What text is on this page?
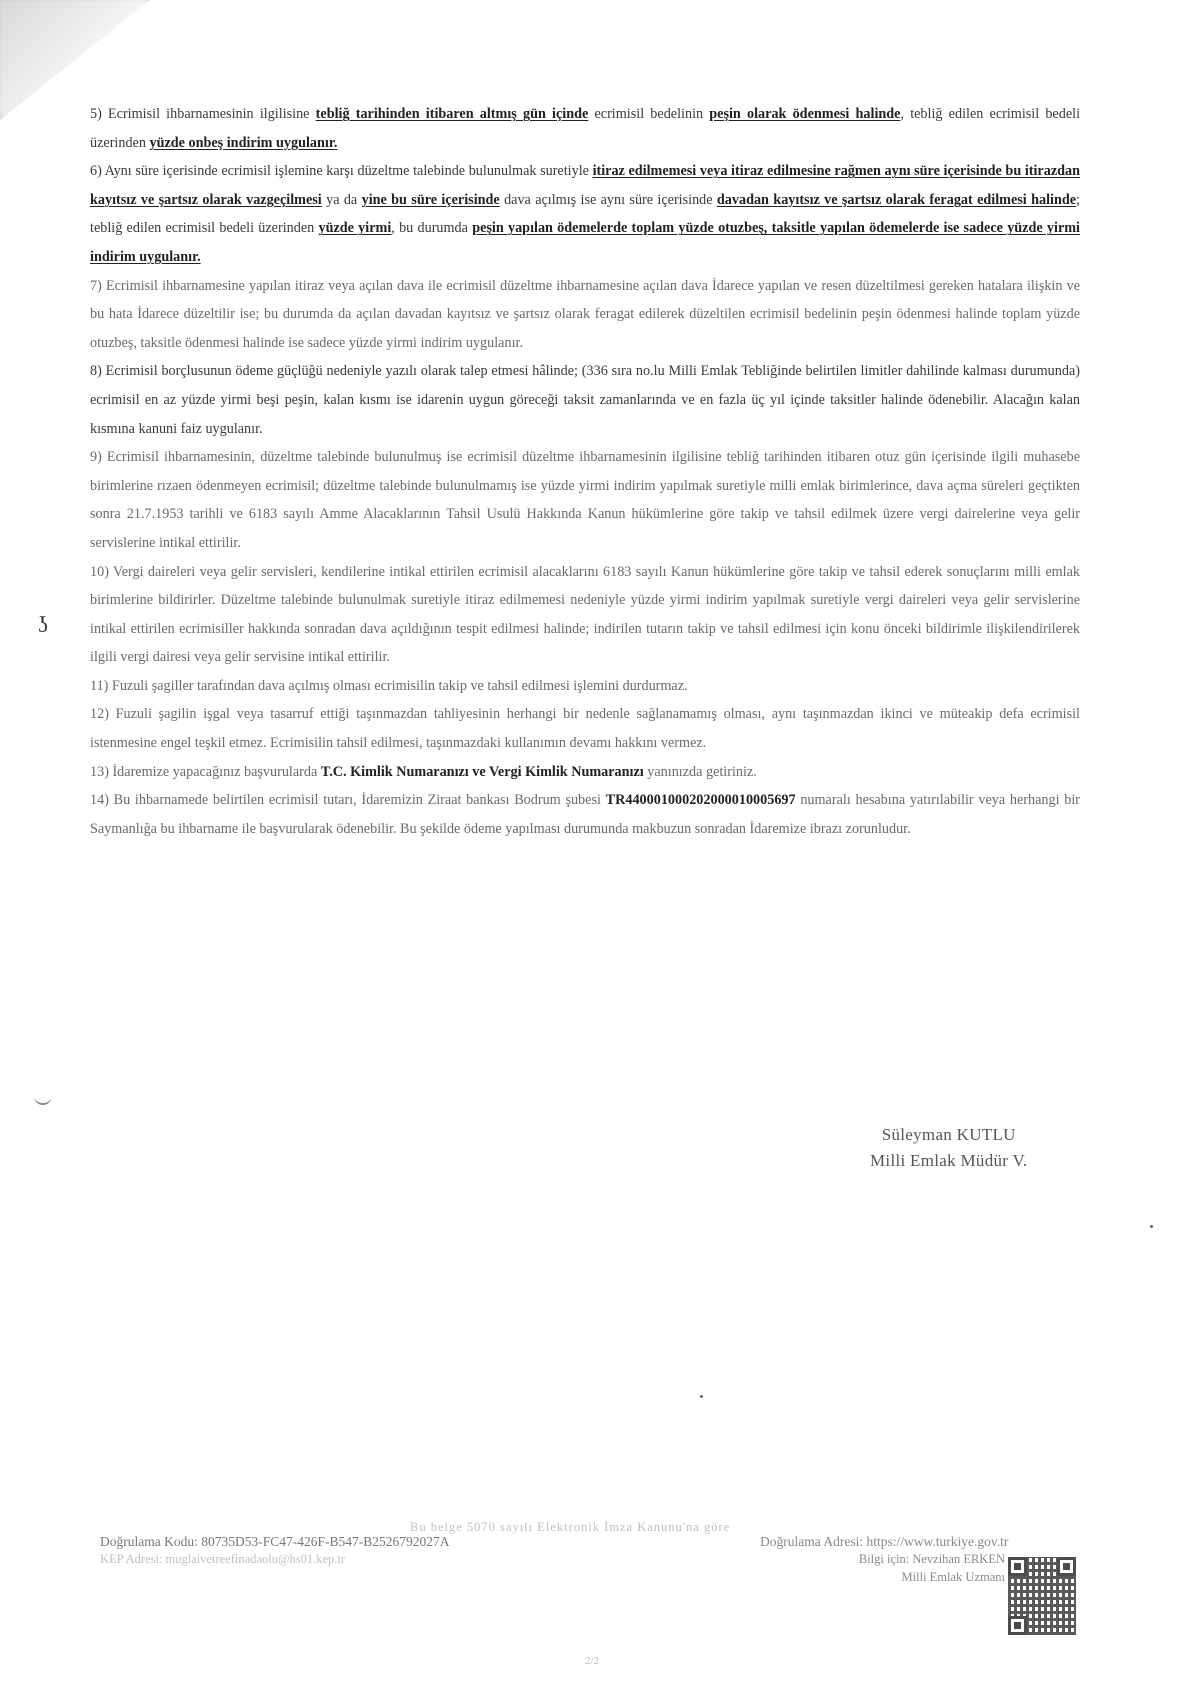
5) Ecrimisil ihbarnamesinin ilgilisine tebliğ tarihinden itibaren altmış gün içinde ecrimisil bedelinin peşin olarak ödenmesi halinde, tebliğ edilen ecrimisil bedeli üzerinden yüzde onbeş indirim uygulanır.

6) Aynı süre içerisinde ecrimisil işlemine karşı düzeltme talebinde bulunulmak suretiyle itiraz edilmemesi veya itiraz edilmesine rağmen aynı süre içerisinde bu itirazdan kayıtsız ve şartsız olarak vazgeçilmesi ya da yine bu süre içerisinde dava açılmış ise aynı süre içerisinde davadan kayıtsız ve şartsız olarak feragat edilmesi halinde; tebliğ edilen ecrimisil bedeli üzerinden yüzde yirmi, bu durumda peşin yapılan ödemelerde toplam yüzde otuzbeş, taksitle yapılan ödemelerde ise sadece yüzde yirmi indirim uygulanır.

7) Ecrimisil ihbarnamesine yapılan itiraz veya açılan dava ile ecrimisil düzeltme ihbarnamesine açılan dava İdarece yapılan ve resen düzeltilmesi gereken hatalara ilişkin ve bu hata İdarece düzeltilir ise; bu durumda da açılan davadan kayıtsız ve şartsız olarak feragat edilerek düzeltilen ecrimisil bedelinin peşin ödenmesi halinde toplam yüzde otuzbeş, taksitle ödenmesi halinde ise sadece yüzde yirmi indirim uygulanır.

8) Ecrimisil borçlusunun ödeme güçlüğü nedeniyle yazılı olarak talep etmesi hâlinde; (336 sıra no.lu Milli Emlak Tebliğinde belirtilen limitler dahilinde kalması durumunda) ecrimisil en az yüzde yirmi beşi peşin, kalan kısmı ise idarenin uygun göreceği taksit zamanlarında ve en fazla üç yıl içinde taksitler halinde ödenebilir. Alacağın kalan kısmına kanuni faiz uygulanır.

9) Ecrimisil ihbarnamesinin, düzeltme talebinde bulunulmuş ise ecrimisil düzeltme ihbarnamesinin ilgilisine tebliğ tarihinden itibaren otuz gün içerisinde ilgili muhasebe birimlerine rızaen ödenmeyen ecrimisil; düzeltme talebinde bulunulmamış ise yüzde yirmi indirim yapılmak suretiyle milli emlak birimlerince, dava açma süreleri geçtikten sonra 21.7.1953 tarihli ve 6183 sayılı Amme Alacaklarının Tahsil Usulü Hakkında Kanun hükümlerine göre takip ve tahsil edilmek üzere vergi dairelerine veya gelir servislerine intikal ettirilir.

10) Vergi daireleri veya gelir servisleri, kendilerine intikal ettirilen ecrimisil alacaklarını 6183 sayılı Kanun hükümlerine göre takip ve tahsil ederek sonuçlarını milli emlak birimlerine bildirirler. Düzeltme talebinde bulunulmak suretiyle itiraz edilmemesi nedeniyle yüzde yirmi indirim yapılmak suretiyle vergi daireleri veya gelir servislerine intikal ettirilen ecrimisiller hakkında sonradan dava açıldığının tespit edilmesi halinde; indirilen tutarın takip ve tahsil edilmesi için konu önceki bildirimle ilişkilendirilerek ilgili vergi dairesi veya gelir servisine intikal ettirilir.

11) Fuzuli şagiller tarafından dava açılmış olması ecrimisilin takip ve tahsil edilmesi işlemini durdurmaz.

12) Fuzuli şagilin işgal veya tasarruf ettiği taşınmazdan tahliyesinin herhangi bir nedenle sağlanamamış olması, aynı taşınmazdan ikinci ve müteakip defa ecrimisil istenmesine engel teşkil etmez. Ecrimisilin tahsil edilmesi, taşınmazdaki kullanımın devamı hakkını vermez.

13) İdaremize yapacağınız başvurularda T.C. Kimlik Numaranızı ve Vergi Kimlik Numaranızı yanınızda getiriniz.

14) Bu ihbarnamede belirtilen ecrimisil tutarı, İdaremizin Ziraat bankası Bodrum şubesi TR440001000202000010005697 numaralı hesabına yatırılabilir veya herhangi bir Saymanlığa bu ihbarname ile başvurularak ödenebilir. Bu şekilde ödeme yapılması durumunda makbuzun sonradan İdaremize ibrazı zorunludur.

ʖ
Süleyman KUTLU
Milli Emlak Müdür V.
Bu belge 5070 sayılı Elektronik İmza Kanunu'na göre
Doğrulama Kodu: 80735D53-FC47-426F-B547-B2526792027A
KEP Adresi: muglaivetreefinadaolu@hs01.kep.tr
Doğrulama Adresi: https://www.turkiye.gov.tr
Bilgi için: Nevzihan ERKEN
Milli Emlak Uzmanı
2/2
